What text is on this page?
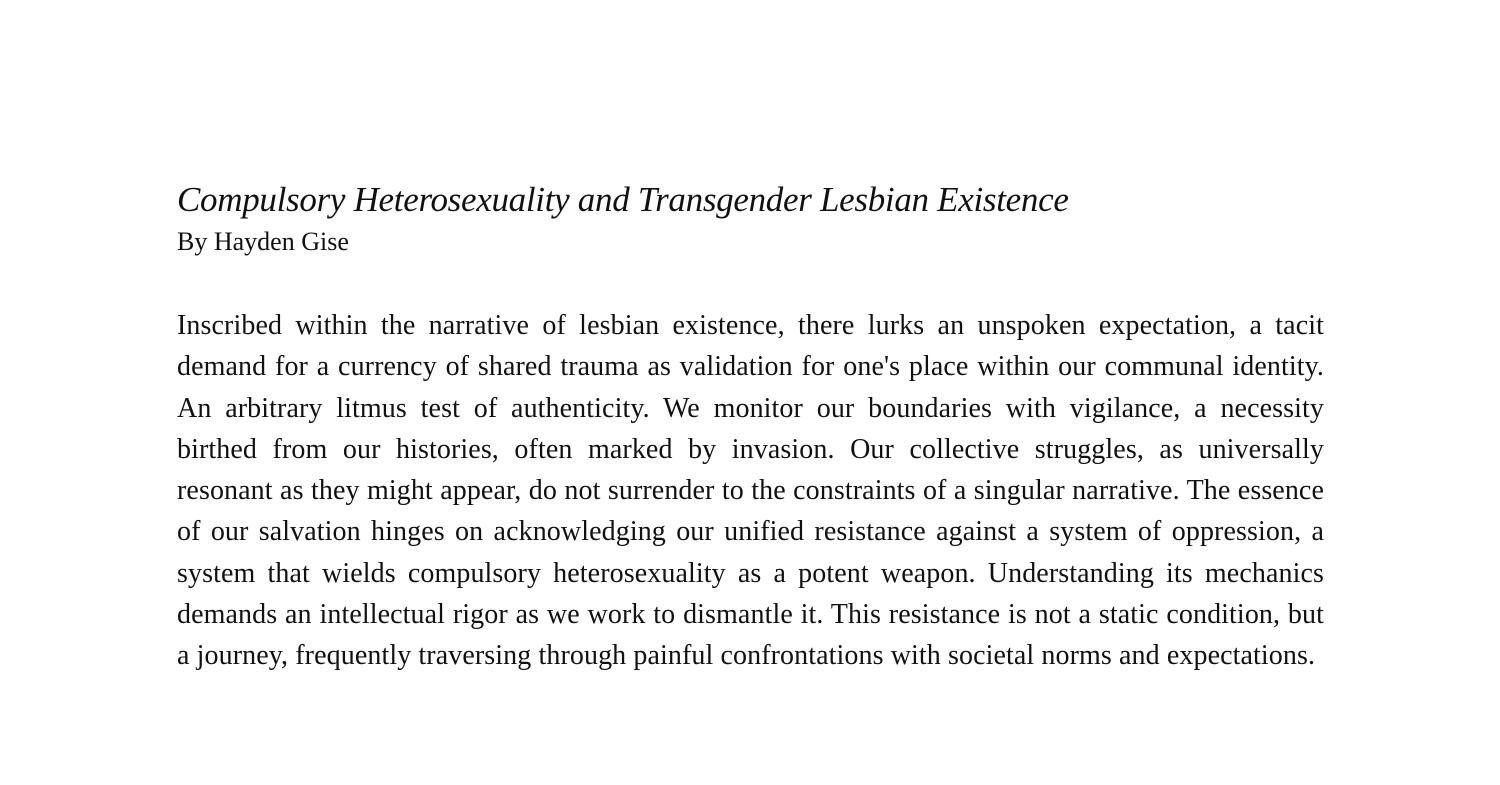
Compulsory Heterosexuality and Transgender Lesbian Existence

By Hayden Gise

Inscribed within the narrative of lesbian existence, there lurks an unspoken expectation, a tacit demand for a currency of shared trauma as validation for one's place within our communal identity. An arbitrary litmus test of authenticity. We monitor our boundaries with vigilance, a necessity birthed from our histories, often marked by invasion. Our collective struggles, as universally resonant as they might appear, do not surrender to the constraints of a singular narrative. The essence of our salvation hinges on acknowledging our unified resistance against a system of oppression, a system that wields compulsory heterosexuality as a potent weapon. Understanding its mechanics demands an intellectual rigor as we work to dismantle it. This resistance is not a static condition, but a journey, frequently traversing through painful confrontations with societal norms and expectations.
